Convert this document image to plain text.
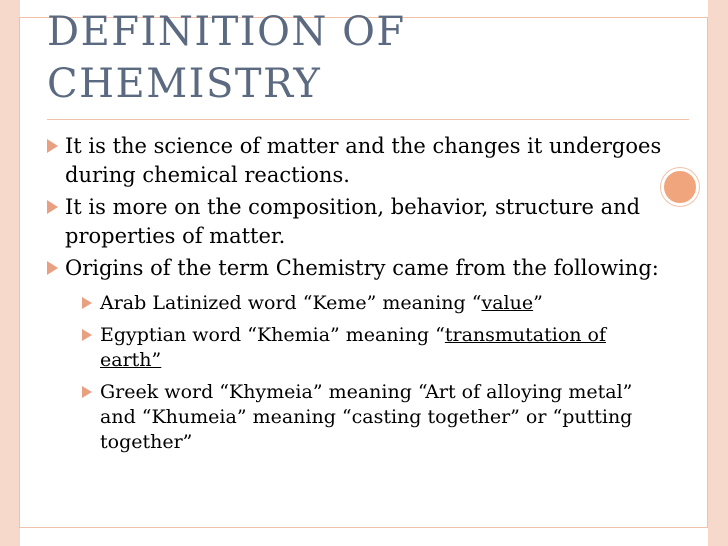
DEFINITION OF CHEMISTRY
It is the science of matter and the changes it undergoes during chemical reactions.
It is more on the composition, behavior, structure and properties of matter.
Origins of the term Chemistry came from the following:
Arab Latinized word “Keme” meaning “value”
Egyptian word “Khemia” meaning “transmutation of earth”
Greek word “Khymeia” meaning “Art of alloying metal” and “Khumeia” meaning “casting together” or “putting together”
